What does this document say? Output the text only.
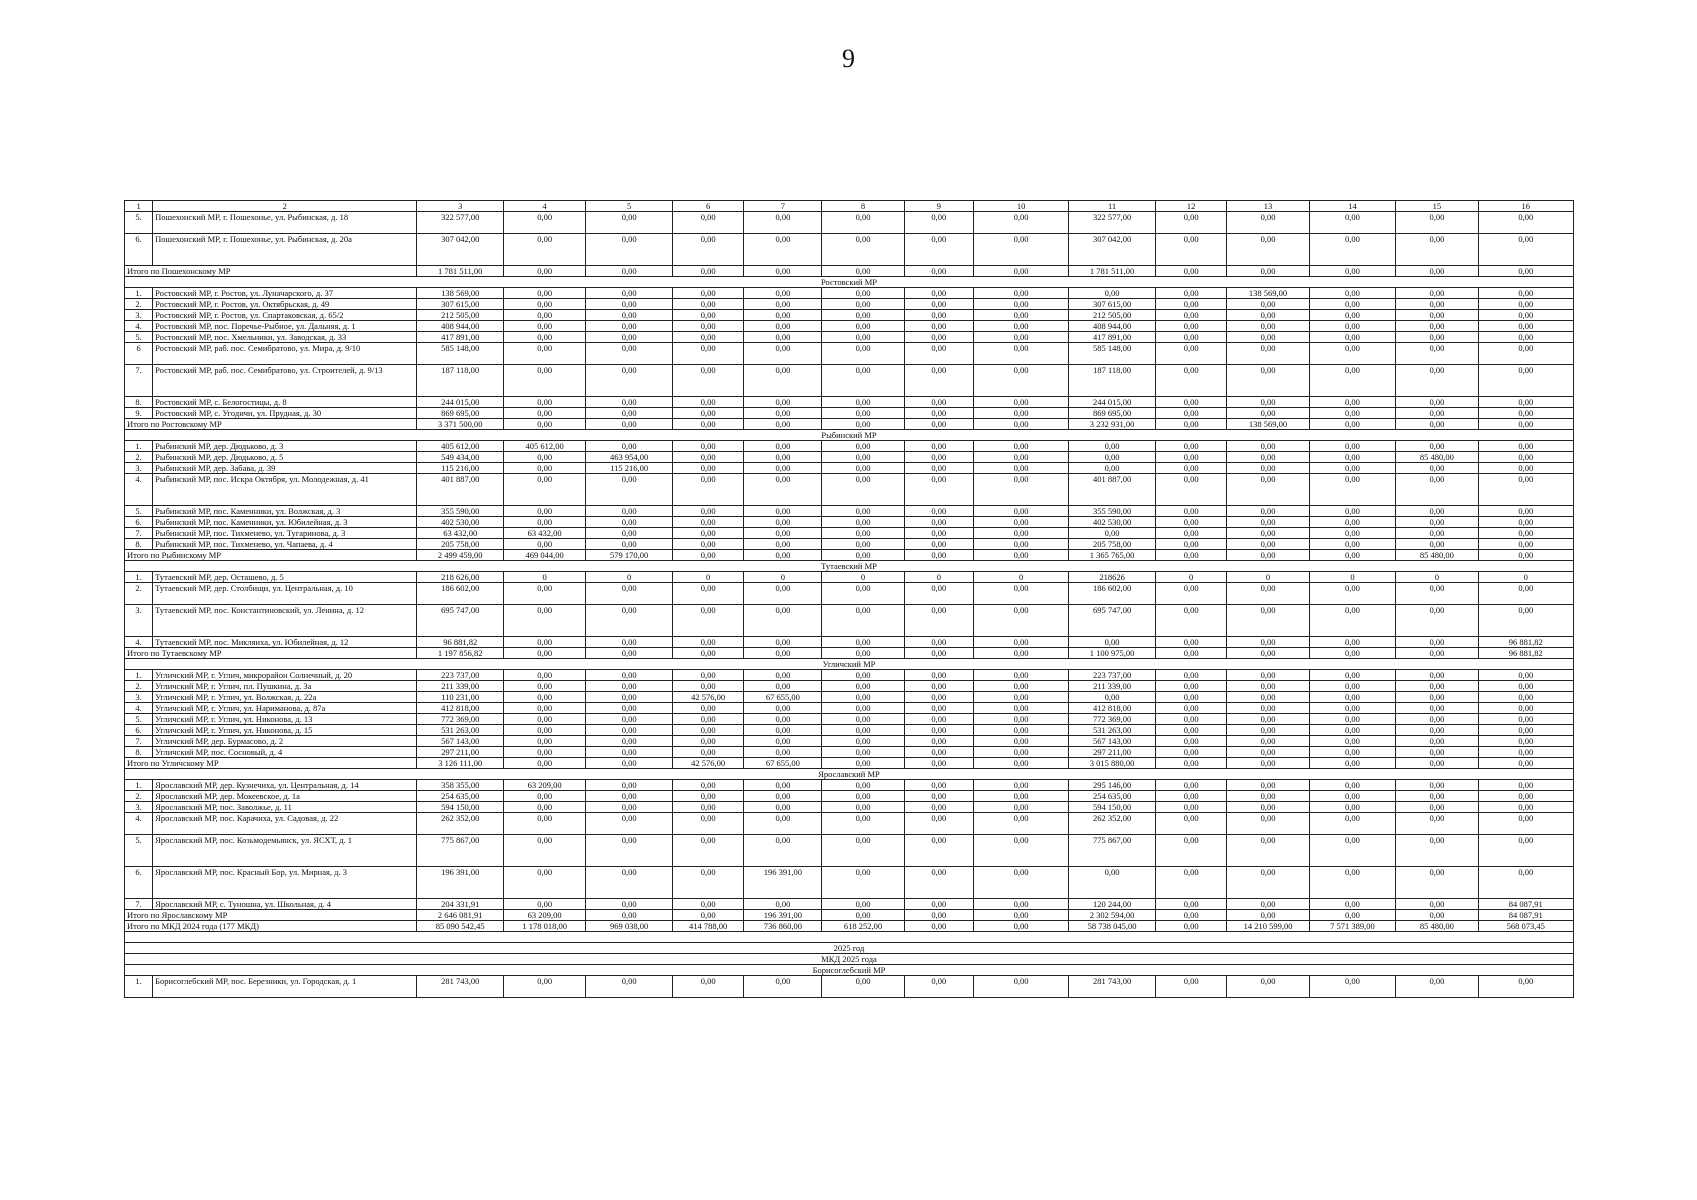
9
1	2	3	4	5	6	7	8	9	10	11	12	13	14	15	16
5.	Пошехонский МР, г. Пошехонье, ул. Рыбинская, д. 18	322 577,00	0,00	0,00	0,00	0,00	0,00	0,00	0,00	322 577,00	0,00	0,00	0,00	0,00	0,00
6.	Пошехонский МР, г. Пошехонье, ул. Рыбинская, д. 20а	307 042,00	0,00	0,00	0,00	0,00	0,00	0,00	0,00	307 042,00	0,00	0,00	0,00	0,00	0,00
Итого по Пошехонскому МР		1 781 511,00	0,00	0,00	0,00	0,00	0,00	0,00	0,00	1 781 511,00	0,00	0,00	0,00	0,00	0,00
Ростовский МР															
1.	Ростовский МР, г. Ростов, ул. Луначарского, д. 37	138 569,00	0,00	0,00	0,00	0,00	0,00	0,00	0,00	0,00	0,00	138 569,00	0,00	0,00	0,00
2.	Ростовский МР, г. Ростов, ул. Октябрьская, д. 49	307 615,00	0,00	0,00	0,00	0,00	0,00	0,00	0,00	307 615,00	0,00	0,00	0,00	0,00	0,00
3.	Ростовский МР, г. Ростов, ул. Спартаковская, д. 65/2	212 505,00	0,00	0,00	0,00	0,00	0,00	0,00	0,00	212 505,00	0,00	0,00	0,00	0,00	0,00
4.	Ростовский МР, пос. Поречье-Рыбное, ул. Дальняя, д. 1	408 944,00	0,00	0,00	0,00	0,00	0,00	0,00	0,00	408 944,00	0,00	0,00	0,00	0,00	0,00
5.	Ростовский МР, пос. Хмельники, ул. Заводская, д. 33	417 891,00	0,00	0,00	0,00	0,00	0,00	0,00	0,00	417 891,00	0,00	0,00	0,00	0,00	0,00
6	Ростовский МР, раб. пос. Семибратово, ул. Мира, д. 9/10	585 148,00	0,00	0,00	0,00	0,00	0,00	0,00	0,00	585 148,00	0,00	0,00	0,00	0,00	0,00
7.	Ростовский МР, раб. пос. Семибратово, ул. Строителей, д. 9/13	187 118,00	0,00	0,00	0,00	0,00	0,00	0,00	0,00	187 118,00	0,00	0,00	0,00	0,00	0,00
8.	Ростовский МР, с. Белогостицы, д. 8	244 015,00	0,00	0,00	0,00	0,00	0,00	0,00	0,00	244 015,00	0,00	0,00	0,00	0,00	0,00
9.	Ростовский МР, с. Угодичи, ул. Прудная, д. 30	869 695,00	0,00	0,00	0,00	0,00	0,00	0,00	0,00	869 695,00	0,00	0,00	0,00	0,00	0,00
Итого по Ростовскому МР		3 371 500,00	0,00	0,00	0,00	0,00	0,00	0,00	0,00	3 232 931,00	0,00	138 569,00	0,00	0,00	0,00
Рыбинский МР															
1.	Рыбинский МР, дер. Дюдьково, д. 3	405 612,00	405 612,00	0,00	0,00	0,00	0,00	0,00	0,00	0,00	0,00	0,00	0,00	0,00	0,00
2.	Рыбинский МР, дер. Дюдьково, д. 5	549 434,00	0,00	463 954,00	0,00	0,00	0,00	0,00	0,00	0,00	0,00	0,00	0,00	85 480,00	0,00
3.	Рыбинский МР, дер. Забава, д. 39	115 216,00	0,00	115 216,00	0,00	0,00	0,00	0,00	0,00	0,00	0,00	0,00	0,00	0,00	0,00
4.	Рыбинский МР, пос. Искра Октября, ул. Молодежная, д. 41	401 887,00	0,00	0,00	0,00	0,00	0,00	0,00	0,00	401 887,00	0,00	0,00	0,00	0,00	0,00
5.	Рыбинский МР, пос. Каменники, ул. Волжская, д. 3	355 590,00	0,00	0,00	0,00	0,00	0,00	0,00	0,00	355 590,00	0,00	0,00	0,00	0,00	0,00
6.	Рыбинский МР, пос. Каменники, ул. Юбилейная, д. 3	402 530,00	0,00	0,00	0,00	0,00	0,00	0,00	0,00	402 530,00	0,00	0,00	0,00	0,00	0,00
7.	Рыбинский МР, пос. Тихменево, ул. Тугаринова, д. 3	63 432,00	63 432,00	0,00	0,00	0,00	0,00	0,00	0,00	0,00	0,00	0,00	0,00	0,00	0,00
8.	Рыбинский МР, пос. Тихменево, ул. Чапаева, д. 4	205 758,00	0,00	0,00	0,00	0,00	0,00	0,00	0,00	205 758,00	0,00	0,00	0,00	0,00	0,00
Итого по Рыбинскому МР		2 499 459,00	469 044,00	579 170,00	0,00	0,00	0,00	0,00	0,00	1 365 765,00	0,00	0,00	0,00	85 480,00	0,00
Тутаевский МР															
1.	Тутаевский МР, дер. Осташево, д. 5	218 626,00	0	0	0	0	0	0	0	218626	0	0	0	0	0
2.	Тутаевский МР, дер. Столбищи, ул. Центральная, д. 10	186 602,00	0,00	0,00	0,00	0,00	0,00	0,00	0,00	186 602,00	0,00	0,00	0,00	0,00	0,00
3.	Тутаевский МР, пос. Константиновский, ул. Ленина, д. 12	695 747,00	0,00	0,00	0,00	0,00	0,00	0,00	0,00	695 747,00	0,00	0,00	0,00	0,00	0,00
4.	Тутаевский МР, пос. Микляиха, ул. Юбилейная, д. 12	96 881,82	0,00	0,00	0,00	0,00	0,00	0,00	0,00	0,00	0,00	0,00	0,00	0,00	96 881,82
Итого по Тутаевскому МР		1 197 856,82	0,00	0,00	0,00	0,00	0,00	0,00	0,00	1 100 975,00	0,00	0,00	0,00	0,00	96 881,82
Угличский МР															
1.	Угличский МР, г. Углич, микрорайон Солнечный, д. 20	223 737,00	0,00	0,00	0,00	0,00	0,00	0,00	0,00	223 737,00	0,00	0,00	0,00	0,00	0,00
2.	Угличский МР, г. Углич, пл. Пушкина, д. 3а	211 339,00	0,00	0,00	0,00	0,00	0,00	0,00	0,00	211 339,00	0,00	0,00	0,00	0,00	0,00
3.	Угличский МР, г. Углич, ул. Волжская, д. 22а	110 231,00	0,00	0,00	42 576,00	67 655,00	0,00	0,00	0,00	0,00	0,00	0,00	0,00	0,00	0,00
4.	Угличский МР, г. Углич, ул. Нариманова, д. 87а	412 818,00	0,00	0,00	0,00	0,00	0,00	0,00	0,00	412 818,00	0,00	0,00	0,00	0,00	0,00
5.	Угличский МР, г. Углич, ул. Никонова, д. 13	772 369,00	0,00	0,00	0,00	0,00	0,00	0,00	0,00	772 369,00	0,00	0,00	0,00	0,00	0,00
6.	Угличский МР, г. Углич, ул. Никонова, д. 15	531 263,00	0,00	0,00	0,00	0,00	0,00	0,00	0,00	531 263,00	0,00	0,00	0,00	0,00	0,00
7.	Угличский МР, дер. Бурмасово, д. 2	567 143,00	0,00	0,00	0,00	0,00	0,00	0,00	0,00	567 143,00	0,00	0,00	0,00	0,00	0,00
8.	Угличский МР, пос. Сосновый, д. 4	297 211,00	0,00	0,00	0,00	0,00	0,00	0,00	0,00	297 211,00	0,00	0,00	0,00	0,00	0,00
Итого по Угличскому МР		3 126 111,00	0,00	0,00	42 576,00	67 655,00	0,00	0,00	0,00	3 015 880,00	0,00	0,00	0,00	0,00	0,00
Ярославский МР															
1.	Ярославский МР, дер. Кузнечиха, ул. Центральная, д. 14	358 355,00	63 209,00	0,00	0,00	0,00	0,00	0,00	0,00	295 146,00	0,00	0,00	0,00	0,00	0,00
2.	Ярославский МР, дер. Мокеевское, д. 1а	254 635,00	0,00	0,00	0,00	0,00	0,00	0,00	0,00	254 635,00	0,00	0,00	0,00	0,00	0,00
3.	Ярославский МР, пос. Заволжье, д. 11	594 150,00	0,00	0,00	0,00	0,00	0,00	0,00	0,00	594 150,00	0,00	0,00	0,00	0,00	0,00
4.	Ярославский МР, пос. Карачиха, ул. Садовая, д. 22	262 352,00	0,00	0,00	0,00	0,00	0,00	0,00	0,00	262 352,00	0,00	0,00	0,00	0,00	0,00
5.	Ярославский МР, пос. Козьмодемьянск, ул. ЯСХТ, д. 1	775 867,00	0,00	0,00	0,00	0,00	0,00	0,00	0,00	775 867,00	0,00	0,00	0,00	0,00	0,00
6.	Ярославский МР, пос. Красный Бор, ул. Мирная, д. 3	196 391,00	0,00	0,00	0,00	196 391,00	0,00	0,00	0,00	0,00	0,00	0,00	0,00	0,00	0,00
7.	Ярославский МР, с. Туношна, ул. Школьная, д. 4	204 331,91	0,00	0,00	0,00	0,00	0,00	0,00	0,00	120 244,00	0,00	0,00	0,00	0,00	84 087,91
Итого по Ярославскому МР		2 646 081,91	63 209,00	0,00	0,00	196 391,00	0,00	0,00	0,00	2 302 594,00	0,00	0,00	0,00	0,00	84 087,91
Итого по МКД 2024 года (177 МКД)		85 090 542,45	1 178 018,00	969 038,00	414 788,00	736 860,00	618 252,00	0,00	0,00	58 738 045,00	0,00	14 210 599,00	7 571 389,00	85 480,00	568 073,45

2025 год															
МКД 2025 года															
Борисоглебский МР															
1.	Борисоглебский МР, пос. Березники, ул. Городская, д. 1	281 743,00	0,00	0,00	0,00	0,00	0,00	0,00	0,00	281 743,00	0,00	0,00	0,00	0,00	0,00
